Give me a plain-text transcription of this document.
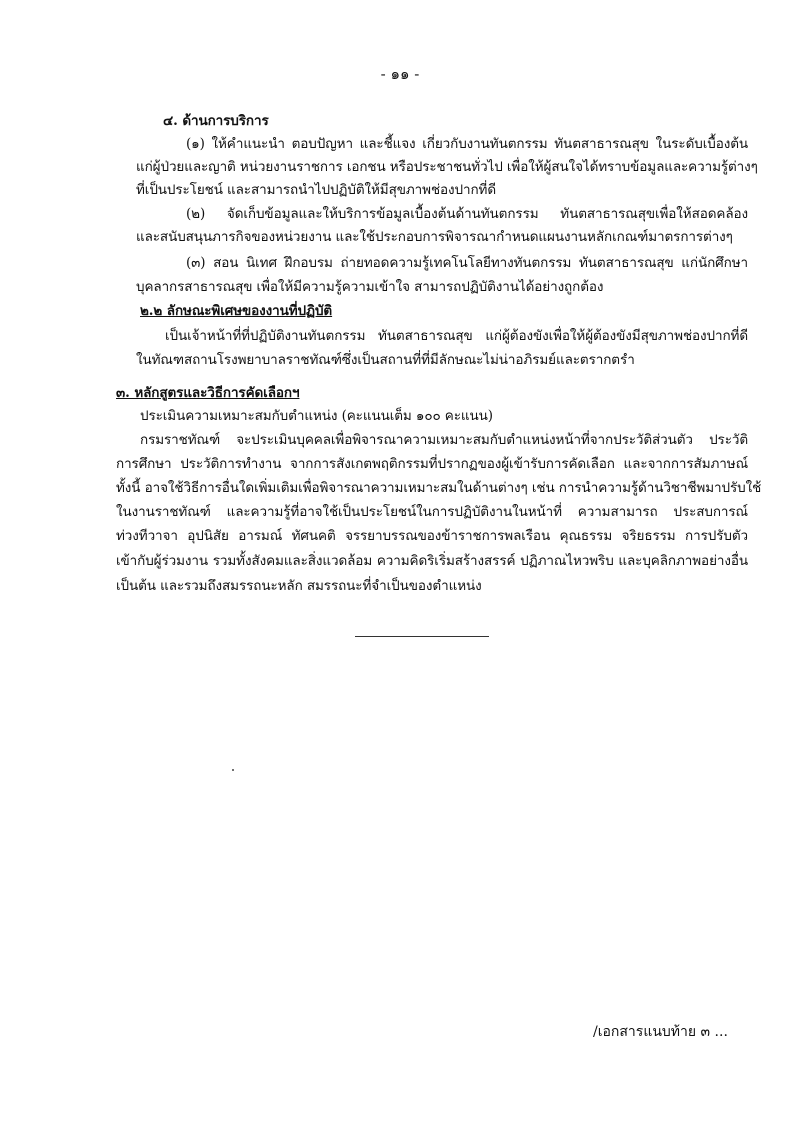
- ๑๑ -
๔. ด้านการบริการ
(๑) ให้คำแนะนำ ตอบปัญหา และชี้แจง เกี่ยวกับงานทันตกรรม ทันตสาธารณสุข ในระดับเบื้องต้น
แก่ผู้ป่วยและญาติ หน่วยงานราชการ เอกชน หรือประชาชนทั่วไป เพื่อให้ผู้สนใจได้ทราบข้อมูลและความรู้ต่างๆ
ที่เป็นประโยชน์ และสามารถนำไปปฏิบัติให้มีสุขภาพช่องปากที่ดี
(๒) จัดเก็บข้อมูลและให้บริการข้อมูลเบื้องต้นด้านทันตกรรม ทันตสาธารณสุขเพื่อให้สอดคล้อง
และสนับสนุนภารกิจของหน่วยงาน และใช้ประกอบการพิจารณากำหนดแผนงานหลักเกณฑ์มาตรการต่างๆ
(๓) สอน นิเทศ ฝึกอบรม ถ่ายทอดความรู้เทคโนโลยีทางทันตกรรม ทันตสาธารณสุข แก่นักศึกษา
บุคลากรสาธารณสุข เพื่อให้มีความรู้ความเข้าใจ สามารถปฏิบัติงานได้อย่างถูกต้อง
๒.๒ ลักษณะพิเศษของงานที่ปฏิบัติ
เป็นเจ้าหน้าที่ที่ปฏิบัติงานทันตกรรม ทันตสาธารณสุข แก่ผู้ต้องขังเพื่อให้ผู้ต้องขังมีสุขภาพช่องปากที่ดี
ในทัณฑสถานโรงพยาบาลราชทัณฑ์ซึ่งเป็นสถานที่ที่มีลักษณะไม่น่าอภิรมย์และตรากตรำ
๓. หลักสูตรและวิธีการคัดเลือกฯ
ประเมินความเหมาะสมกับตำแหน่ง (คะแนนเต็ม ๑๐๐ คะแนน)
กรมราชทัณฑ์ จะประเมินบุคคลเพื่อพิจารณาความเหมาะสมกับตำแหน่งหน้าที่จากประวัติส่วนตัว ประวัติ
การศึกษา ประวัติการทำงาน จากการสังเกตพฤติกรรมที่ปรากฏของผู้เข้ารับการคัดเลือก และจากการสัมภาษณ์
ทั้งนี้ อาจใช้วิธีการอื่นใดเพิ่มเติมเพื่อพิจารณาความเหมาะสมในด้านต่างๆ เช่น การนำความรู้ด้านวิชาชีพมาปรับใช้
ในงานราชทัณฑ์ และความรู้ที่อาจใช้เป็นประโยชน์ในการปฏิบัติงานในหน้าที่ ความสามารถ ประสบการณ์
ท่วงทีวาจา อุปนิสัย อารมณ์ ทัศนคติ จรรยาบรรณของข้าราชการพลเรือน คุณธรรม จริยธรรม การปรับตัว
เข้ากับผู้ร่วมงาน รวมทั้งสังคมและสิ่งแวดล้อม ความคิดริเริ่มสร้างสรรค์ ปฏิภาณไหวพริบ และบุคลิกภาพอย่างอื่น
เป็นต้น และรวมถึงสมรรถนะหลัก สมรรถนะที่จำเป็นของตำแหน่ง
/เอกสารแนบท้าย ๓ ...
